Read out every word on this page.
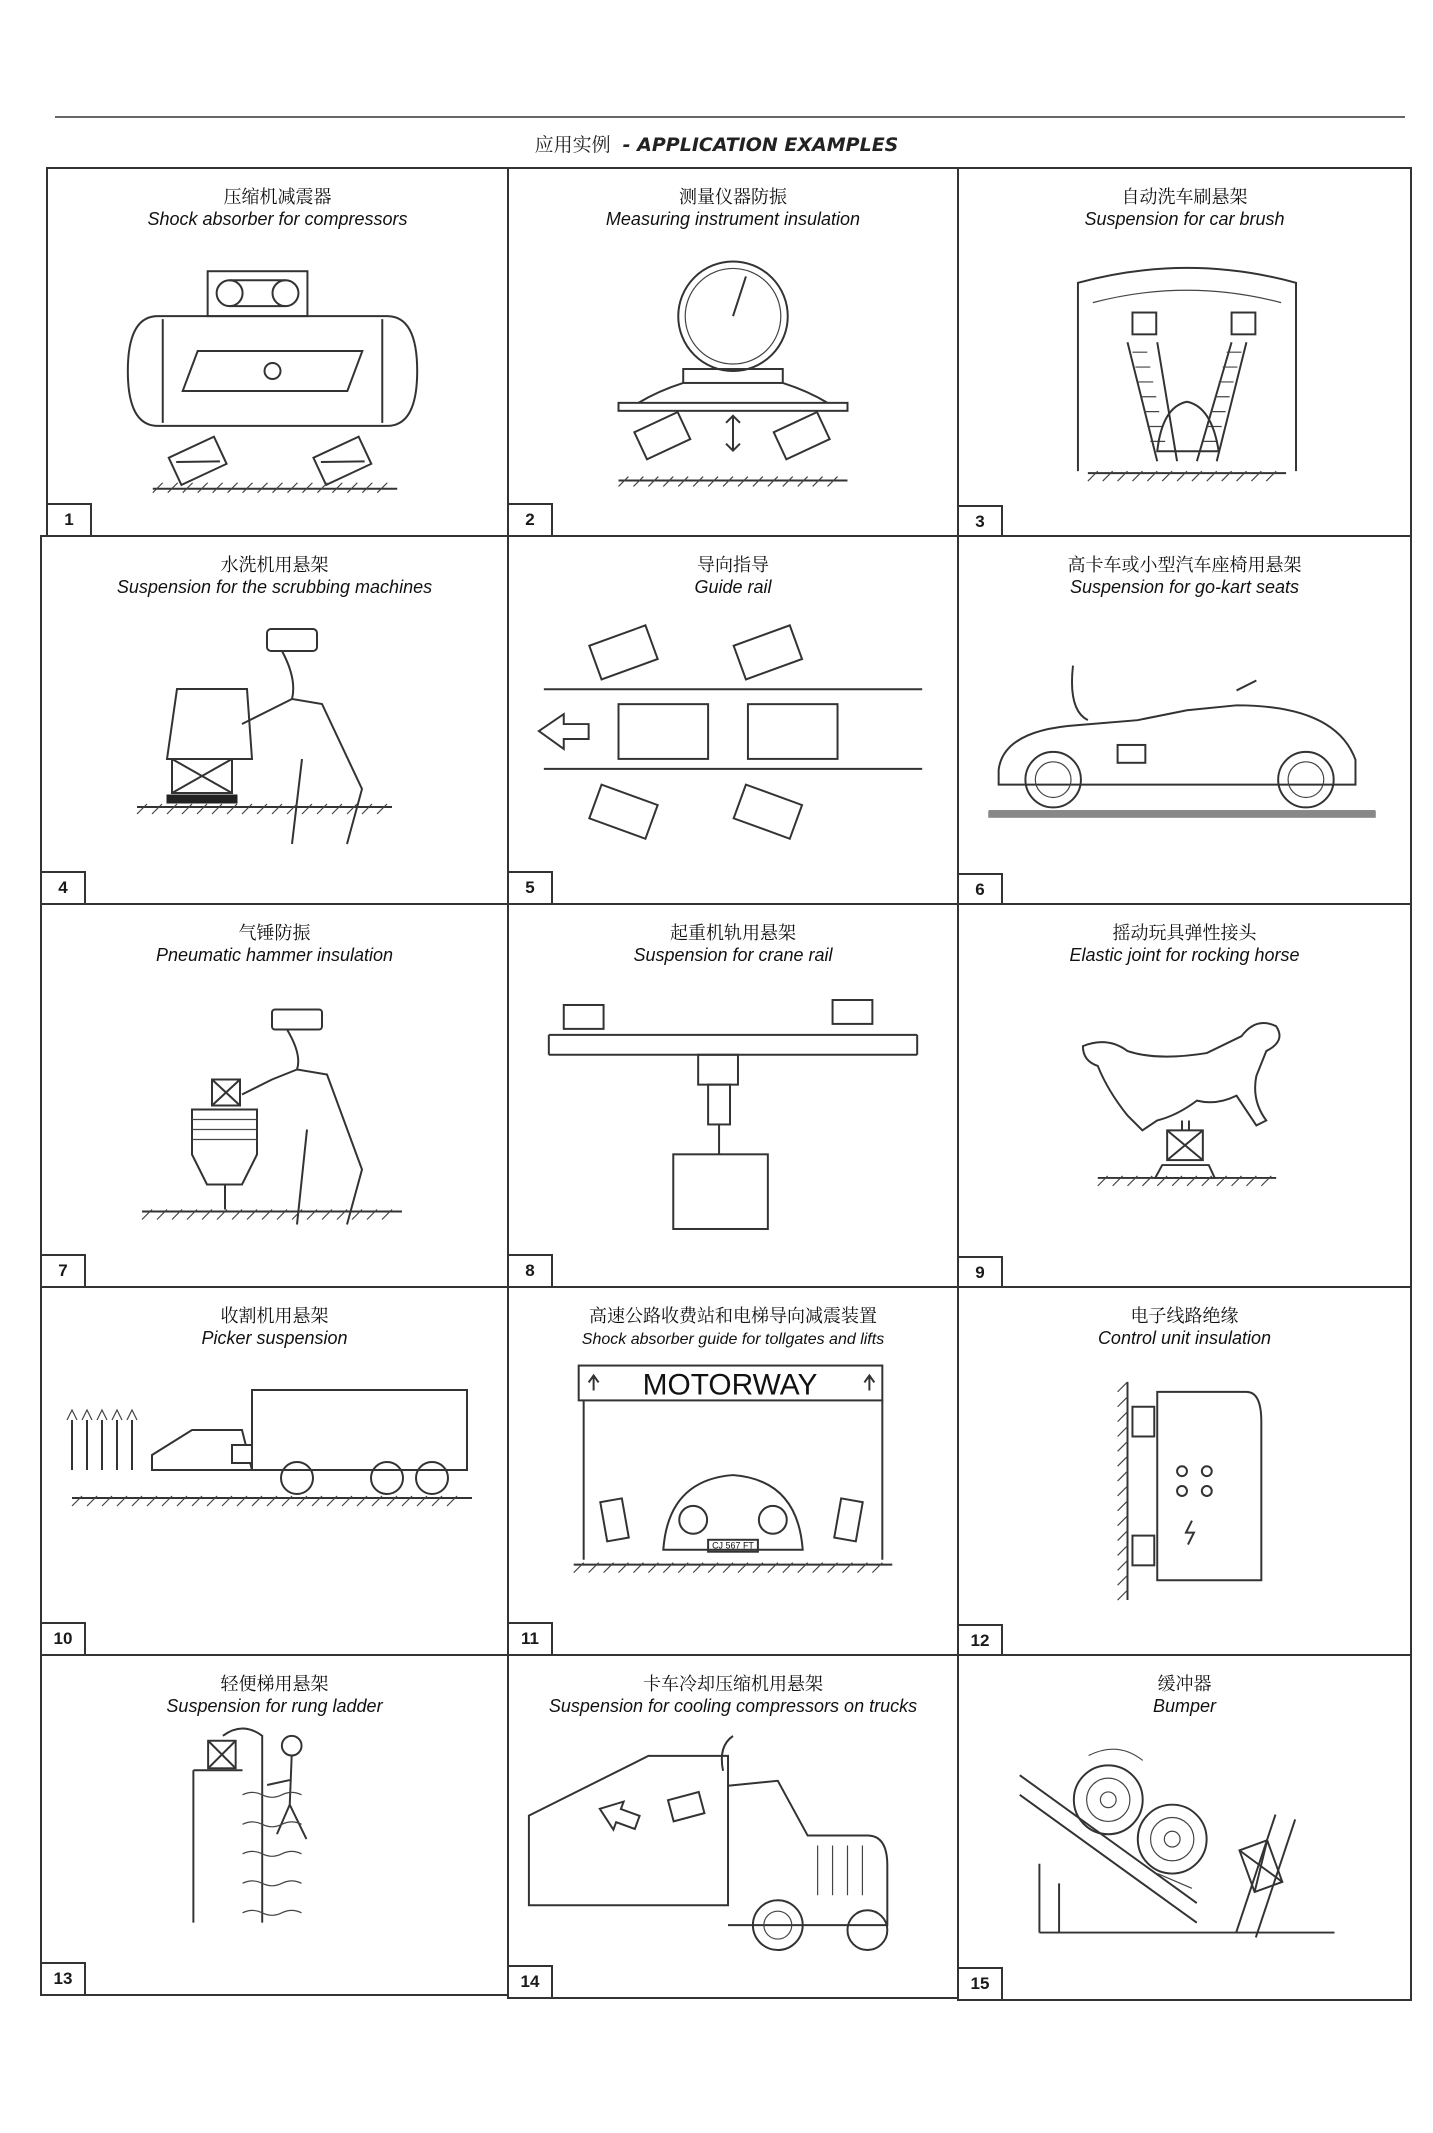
应用实例 - APPLICATION EXAMPLES
压缩机减震器
Shock absorber for compressors
1
测量仪器防振
Measuring instrument insulation
2
自动洗车刷悬架
Suspension for car brush
3
水洗机用悬架
Suspension for the scrubbing machines
4
导向指导
Guide rail
5
高卡车或小型汽车座椅用悬架
Suspension for go-kart seats
6
气锤防振
Pneumatic hammer insulation
7
起重机轨用悬架
Suspension for crane rail
8
摇动玩具弹性接头
Elastic joint for rocking horse
9
收割机用悬架
Picker suspension
10
高速公路收费站和电梯导向减震装置
Shock absorber guide for tollgates and lifts
MOTORWAY
CJ 567 FT
11
电子线路绝缘
Control unit insulation
12
轻便梯用悬架
Suspension for rung ladder
13
卡车冷却压缩机用悬架
Suspension for cooling compressors on trucks
14
缓冲器
Bumper
15
